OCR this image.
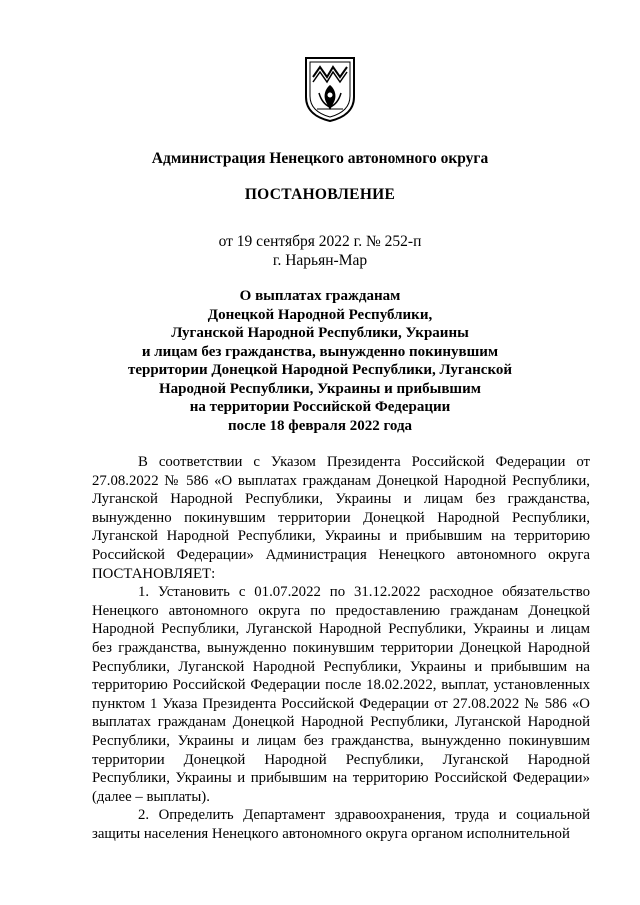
Администрация Ненецкого автономного округа
ПОСТАНОВЛЕНИЕ
от 19 сентября 2022 г. № 252-п
г. Нарьян-Мар
О выплатах гражданам
Донецкой Народной Республики,
Луганской Народной Республики, Украины
и лицам без гражданства, вынужденно покинувшим
территории Донецкой Народной Республики, Луганской
Народной Республики, Украины и прибывшим
на территории Российской Федерации
после 18 февраля 2022 года
В соответствии с Указом Президента Российской Федерации от 27.08.2022 № 586 «О выплатах гражданам Донецкой Народной Республики, Луганской Народной Республики, Украины и лицам без гражданства, вынужденно покинувшим территории Донецкой Народной Республики, Луганской Народной Республики, Украины и прибывшим на территорию Российской Федерации» Администрация Ненецкого автономного округа ПОСТАНОВЛЯЕТ:
1. Установить с 01.07.2022 по 31.12.2022 расходное обязательство Ненецкого автономного округа по предоставлению гражданам Донецкой Народной Республики, Луганской Народной Республики, Украины и лицам без гражданства, вынужденно покинувшим территории Донецкой Народной Республики, Луганской Народной Республики, Украины и прибывшим на территорию Российской Федерации после 18.02.2022, выплат, установленных пунктом 1 Указа Президента Российской Федерации от 27.08.2022 № 586 «О выплатах гражданам Донецкой Народной Республики, Луганской Народной Республики, Украины и лицам без гражданства, вынужденно покинувшим территории Донецкой Народной Республики, Луганской Народной Республики, Украины и прибывшим на территорию Российской Федерации» (далее – выплаты).
2. Определить Департамент здравоохранения, труда и социальной защиты населения Ненецкого автономного округа органом исполнительной
